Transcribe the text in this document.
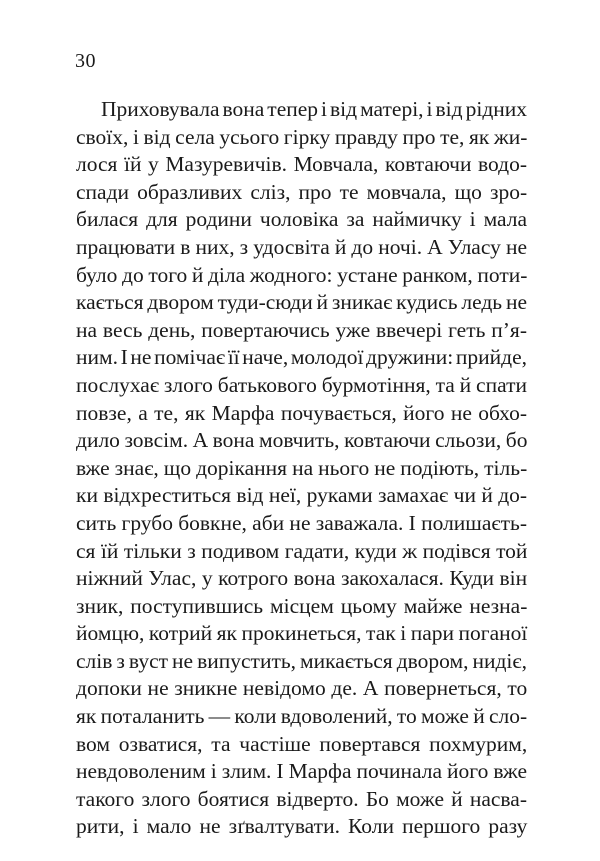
30
Приховувала вона тепер і від матері, і від рідних
своїх, і від села усього гірку правду про те, як жи-
лося їй у Мазуревичів. Мовчала, ковтаючи водо-
спади образливих сліз, про те мовчала, що зро-
билася для родини чоловіка за наймичку і мала
працювати в них, з удосвіта й до ночі. А Уласу не
було до того й діла жодного: устане ранком, поти-
кається двором туди-сюди й зникає кудись ледь не
на весь день, повертаючись уже ввечері геть п’я-
ним. І не помічає її наче, молодої дружини: прийде,
послухає злого батькового бурмотіння, та й спати
повзе, а те, як Марфа почувається, його не обхо-
дило зовсім. А вона мовчить, ковтаючи сльози, бо
вже знає, що дорікання на нього не подіють, тіль-
ки відхреститься від неї, руками замахає чи й до-
сить грубо бовкне, аби не заважала. І полишаєть-
ся їй тільки з подивом гадати, куди ж подівся той
ніжний Улас, у котрого вона закохалася. Куди він
зник, поступившись місцем цьому майже незна-
йомцю, котрий як прокинеться, так і пари поганої
слів з вуст не випустить, микається двором, нидіє,
допоки не зникне невідомо де. А повернеться, то
як поталанить — коли вдоволений, то може й сло-
вом озватися, та частіше повертався похмурим,
невдоволеним і злим. І Марфа починала його вже
такого злого боятися відверто. Бо може й насва-
рити, і мало не зґвалтувати. Коли першого разу
